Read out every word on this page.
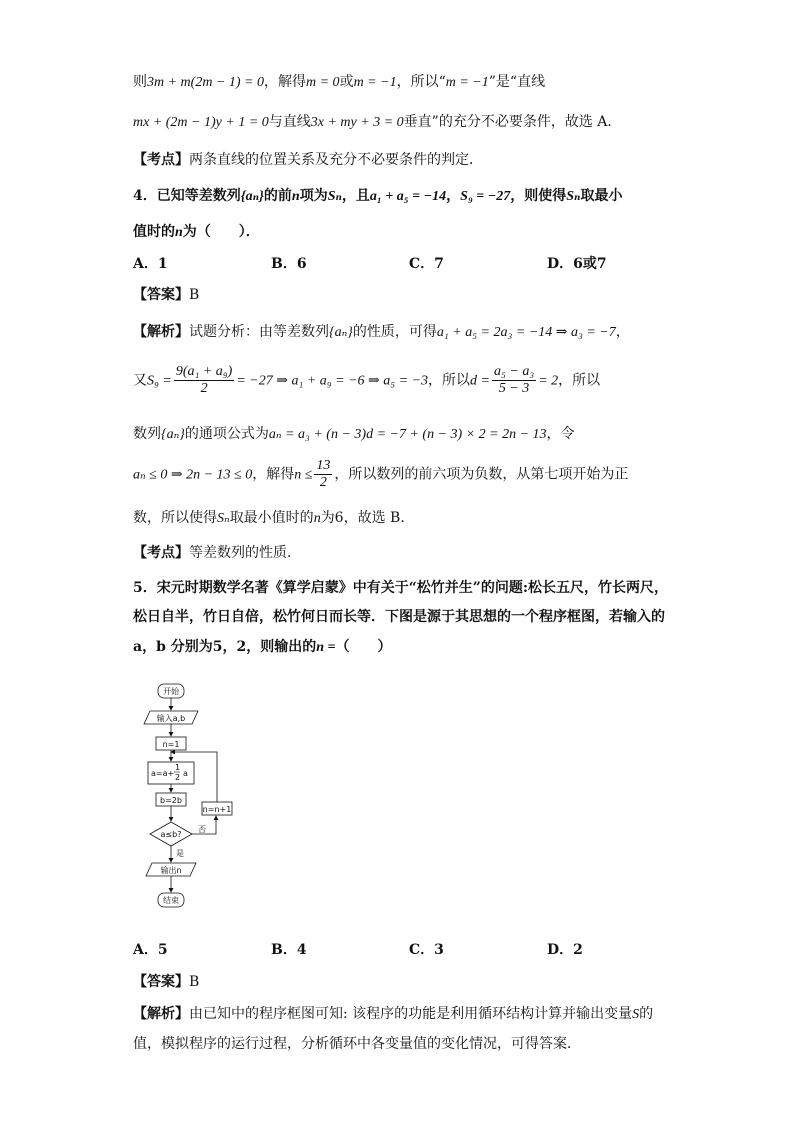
则3m + m(2m − 1) = 0，解得m = 0或m = −1，所以“m = −1”是“直线
mx + (2m − 1)y + 1 = 0与直线3x + my + 3 = 0垂直”的充分不必要条件，故选 A．
【考点】两条直线的位置关系及充分不必要条件的判定．
4．已知等差数列{aₙ}的前n项为Sₙ，且a₁ + a₅ = −14，S₉ = −27，则使得Sₙ取最小
值时的n为（　　）．
A．1	B．6	C．7	D．6或7
【答案】B
【解析】试题分析：由等差数列{aₙ}的性质，可得a₁ + a₅ = 2a₃ = −14 ⇒ a₃ = −7，
又$S_9 = \frac{\text{9(a₁ + a₉)}}{2} = -27$ ⇒ a₁ + a₉ = −6 ⇒ a₅ = −3，所以$d = \frac{\text{a₅ − a₃}}{5 - 3} = 2$，所以
数列{aₙ}的通项公式为aₙ = a₃ + (n − 3)d = −7 + (n − 3) × 2 = 2n − 13，令
aₙ ≤ 0 ⇒ 2n − 13 ≤ 0，解得$n \le \frac{13}{2}$ ，所以数列的前六项为负数，从第七项开始为正
数，所以使得Sₙ取最小值时的n为6，故选 B．
【考点】等差数列的性质.
5．宋元时期数学名著《算学启蒙》中有关于“松竹并生”的问题:松长五尺，竹长两尺，
松日自半，竹日自倍，松竹何日而长等．下图是源于其思想的一个程序框图，若输入的
a，b 分别为5，2，则输出的n =（　　）
开始
输入a,b
n=1
a=a+
1
2 a
b=2b
a≤b?
否
是
n=n+1
输出n
结束
A．5	B．4	C．3	D．2
【答案】B
【解析】由已知中的程序框图可知: 该程序的功能是利用循环结构计算并输出变量S的
值，模拟程序的运行过程，分析循环中各变量值的变化情况，可得答案．
